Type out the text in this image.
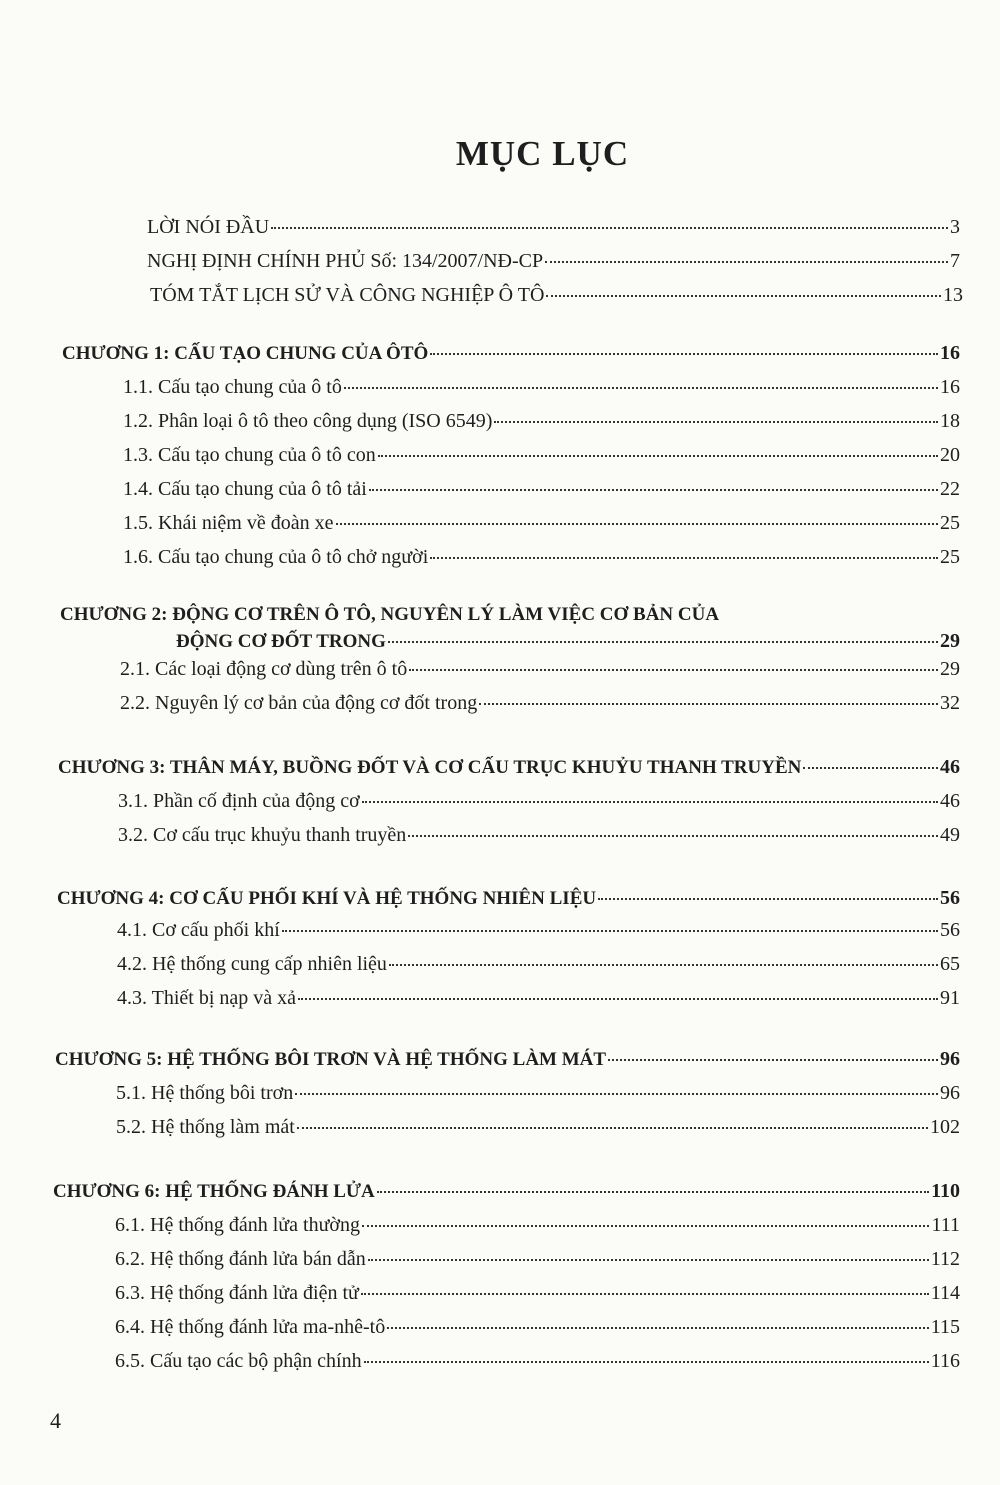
MỤC LỤC
LỜI NÓI ĐẦU	3
NGHỊ ĐỊNH CHÍNH PHỦ Số: 134/2007/NĐ-CP	7
TÓM TẮT LỊCH SỬ VÀ CÔNG NGHIỆP Ô TÔ	13
CHƯƠNG 1: CẤU TẠO CHUNG CỦA ÔTÔ	16
1.1. Cấu tạo chung của ô tô	16
1.2. Phân loại ô tô theo công dụng (ISO 6549)	18
1.3. Cấu tạo chung của ô tô con	20
1.4. Cấu tạo chung của ô tô tải	22
1.5. Khái niệm về đoàn xe	25
1.6. Cấu tạo chung của ô tô chở người	25
CHƯƠNG 2: ĐỘNG CƠ TRÊN Ô TÔ, NGUYÊN LÝ LÀM VIỆC CƠ BẢN CỦA
ĐỘNG CƠ ĐỐT TRONG	29
2.1. Các loại động cơ dùng trên ô tô	29
2.2. Nguyên lý cơ bản của động cơ đốt trong	32
CHƯƠNG 3: THÂN MÁY, BUỒNG ĐỐT VÀ CƠ CẤU TRỤC KHUỶU THANH TRUYỀN	46
3.1. Phần cố định của động cơ	46
3.2. Cơ cấu trục khuỷu thanh truyền	49
CHƯƠNG 4: CƠ CẤU PHỐI KHÍ VÀ HỆ THỐNG NHIÊN LIỆU	56
4.1. Cơ cấu phối khí	56
4.2. Hệ thống cung cấp nhiên liệu	65
4.3. Thiết bị nạp và xả	91
CHƯƠNG 5: HỆ THỐNG BÔI TRƠN VÀ HỆ THỐNG LÀM MÁT	96
5.1. Hệ thống bôi trơn	96
5.2. Hệ thống làm mát	102
CHƯƠNG 6: HỆ THỐNG ĐÁNH LỬA	110
6.1. Hệ thống đánh lửa thường	111
6.2. Hệ thống đánh lửa bán dẫn	112
6.3. Hệ thống đánh lửa điện tử	114
6.4. Hệ thống đánh lửa ma-nhê-tô	115
6.5. Cấu tạo các bộ phận chính	116
4
